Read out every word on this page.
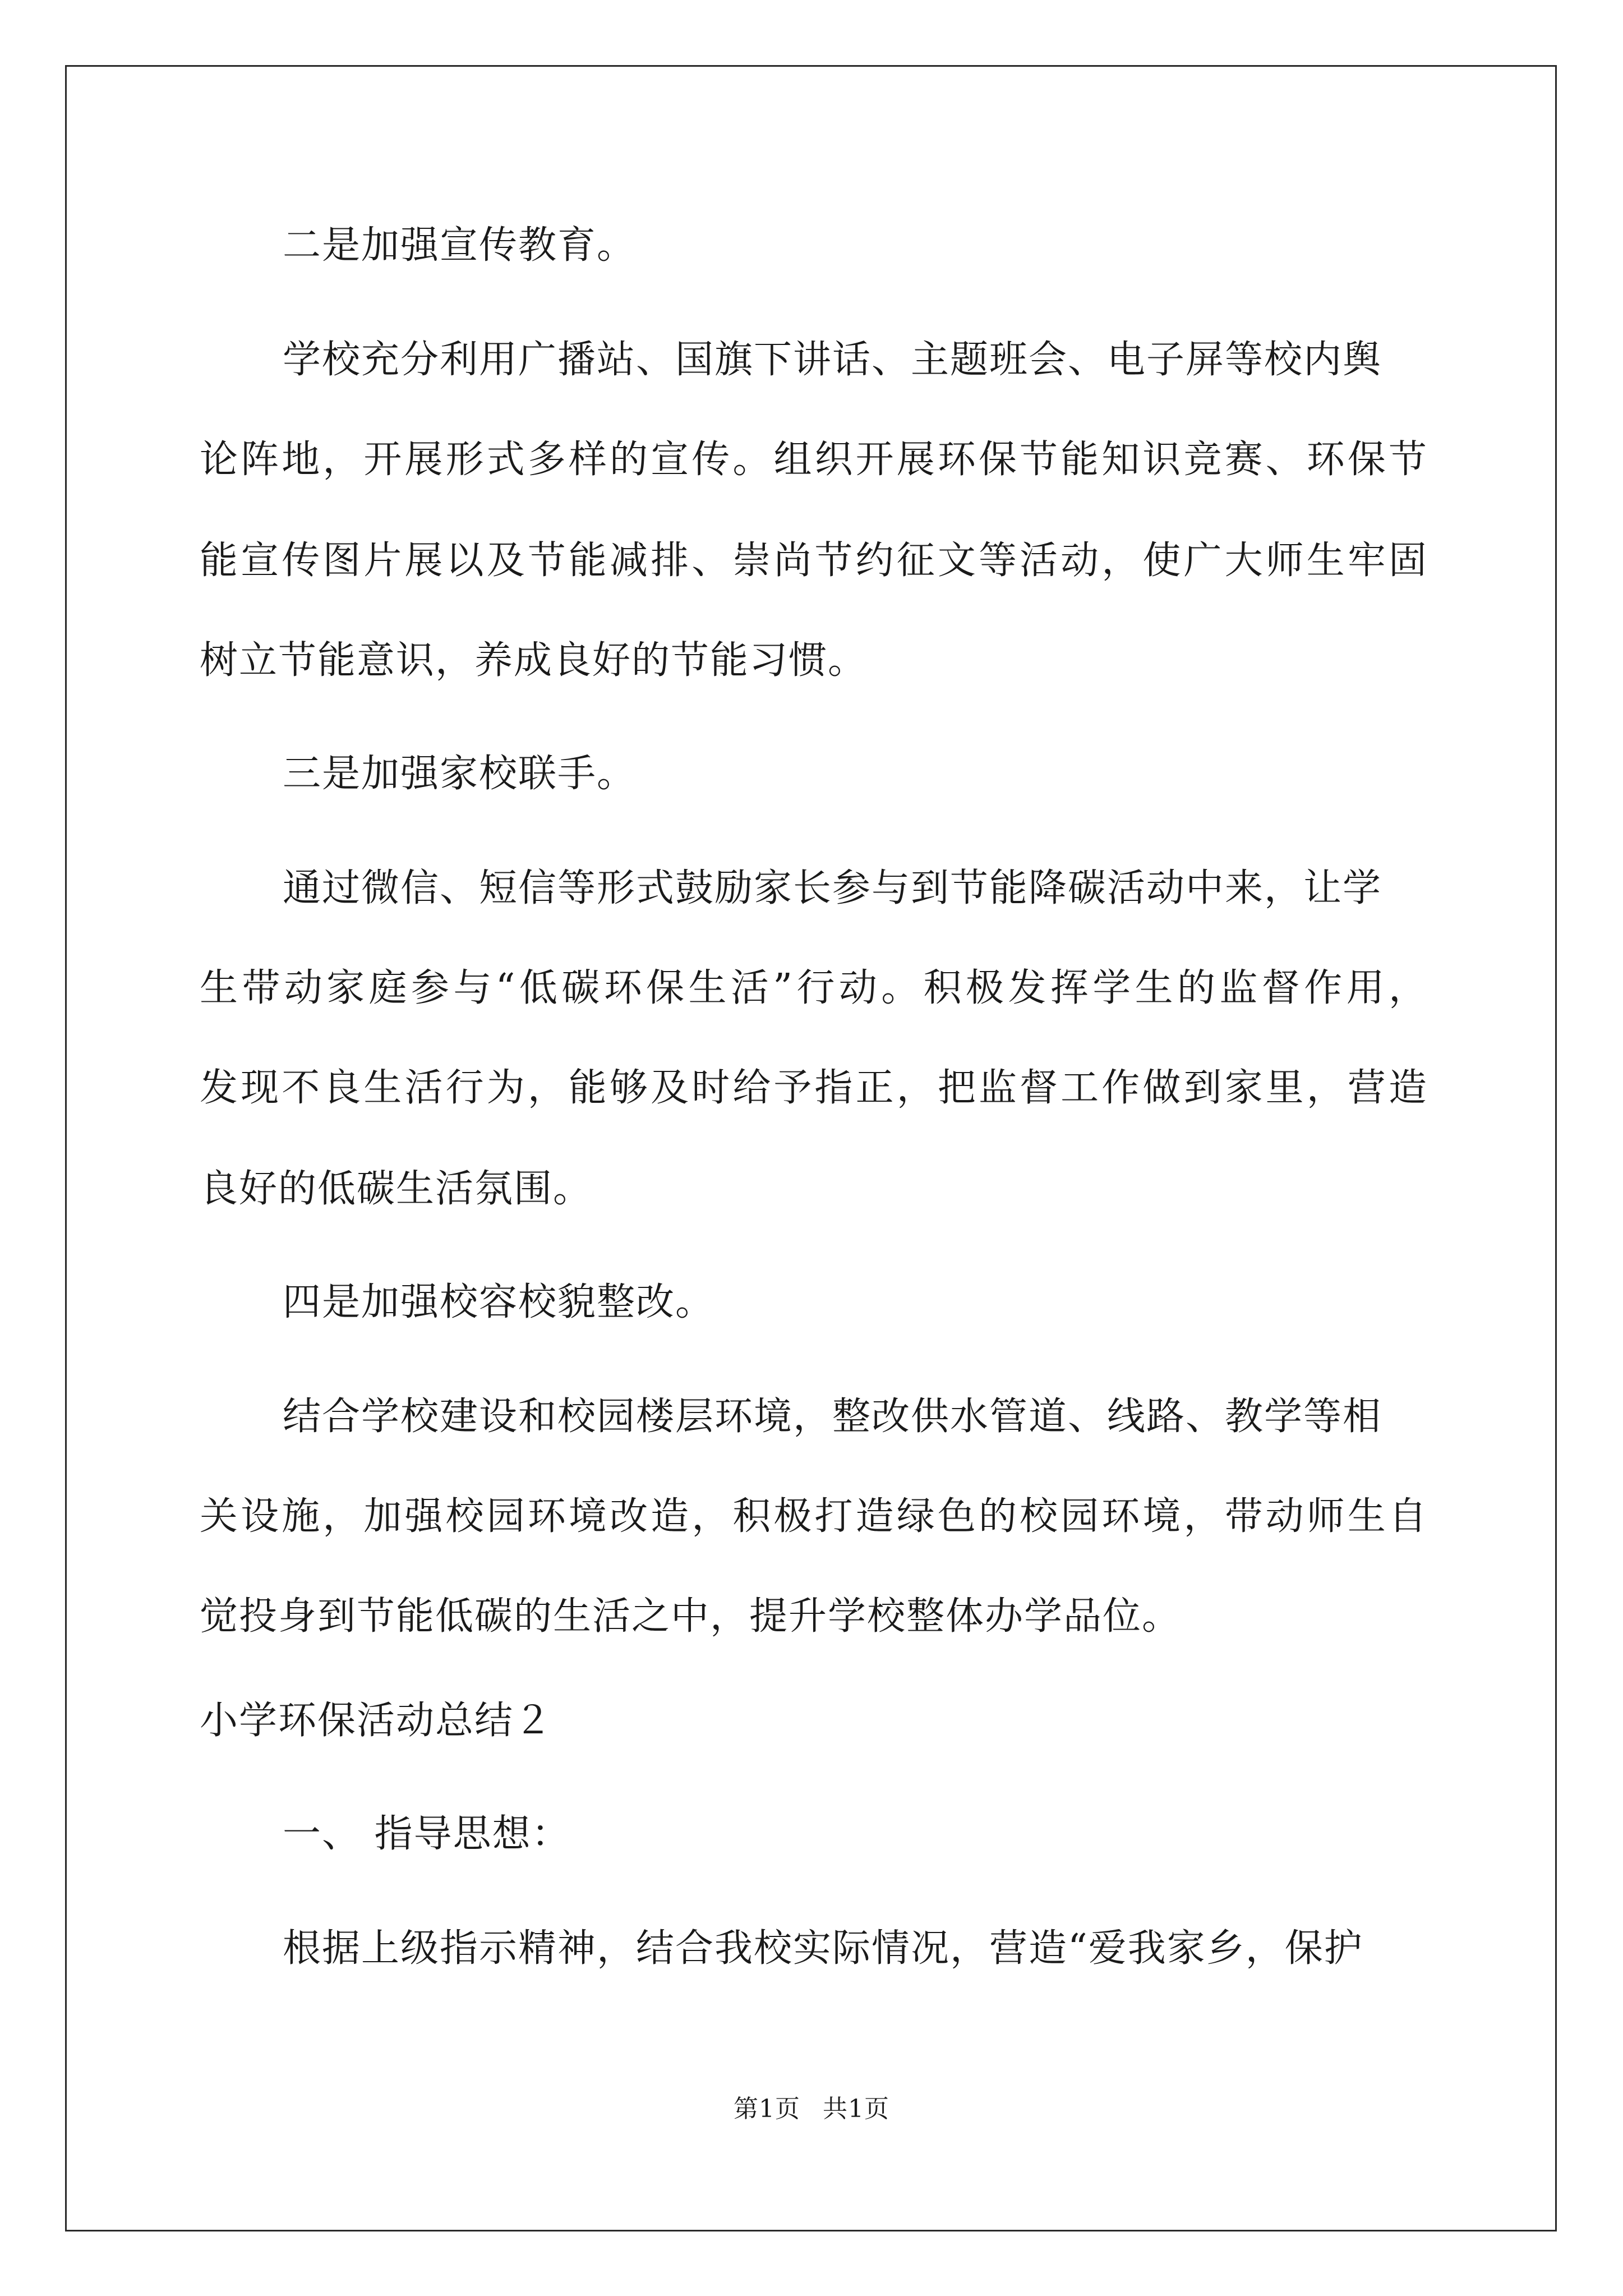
二是加强宣传教育。
学校充分利用广播站、国旗下讲话、主题班会、电子屏等校内舆
论阵地，开展形式多样的宣传。组织开展环保节能知识竞赛、环保节
能宣传图片展以及节能减排、崇尚节约征文等活动，使广大师生牢固
树立节能意识，养成良好的节能习惯。
三是加强家校联手。
通过微信、短信等形式鼓励家长参与到节能降碳活动中来，让学
生带动家庭参与“低碳环保生活”行动。积极发挥学生的监督作用，
发现不良生活行为，能够及时给予指正，把监督工作做到家里，营造
良好的低碳生活氛围。
四是加强校容校貌整改。
结合学校建设和校园楼层环境，整改供水管道、线路、教学等相
关设施，加强校园环境改造，积极打造绿色的校园环境，带动师生自
觉投身到节能低碳的生活之中，提升学校整体办学品位。
小学环保活动总结２
一、 指导思想：
根据上级指示精神，结合我校实际情况，营造“爱我家乡，保护
第1页 共1页
